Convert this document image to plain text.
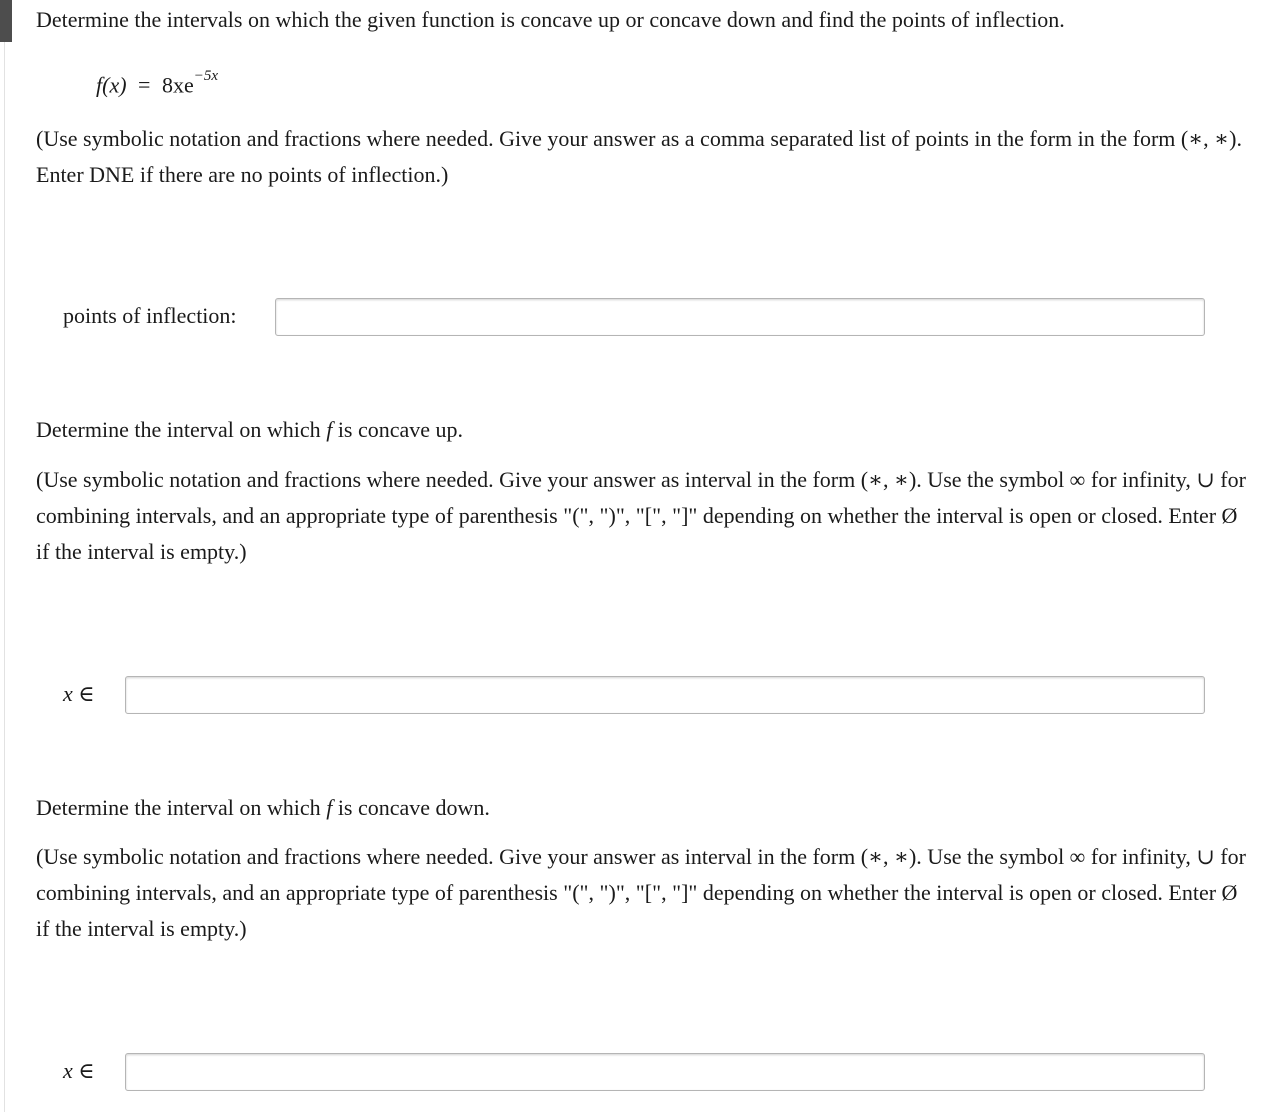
Determine the intervals on which the given function is concave up or concave down and find the points of inflection.

$f(x) = 8xe^{-5x}$

(Use symbolic notation and fractions where needed. Give your answer as a comma separated list of points in the form in the form (∗, ∗). Enter DNE if there are no points of inflection.)

points of inflection:

Determine the interval on which f is concave up.

(Use symbolic notation and fractions where needed. Give your answer as interval in the form (∗, ∗). Use the symbol ∞ for infinity, ∪ for combining intervals, and an appropriate type of parenthesis "(", ")", "[", "]" depending on whether the interval is open or closed. Enter Ø if the interval is empty.)

x ∈

Determine the interval on which f is concave down.

(Use symbolic notation and fractions where needed. Give your answer as interval in the form (∗, ∗). Use the symbol ∞ for infinity, ∪ for combining intervals, and an appropriate type of parenthesis "(", ")", "[", "]" depending on whether the interval is open or closed. Enter Ø if the interval is empty.)

x ∈
